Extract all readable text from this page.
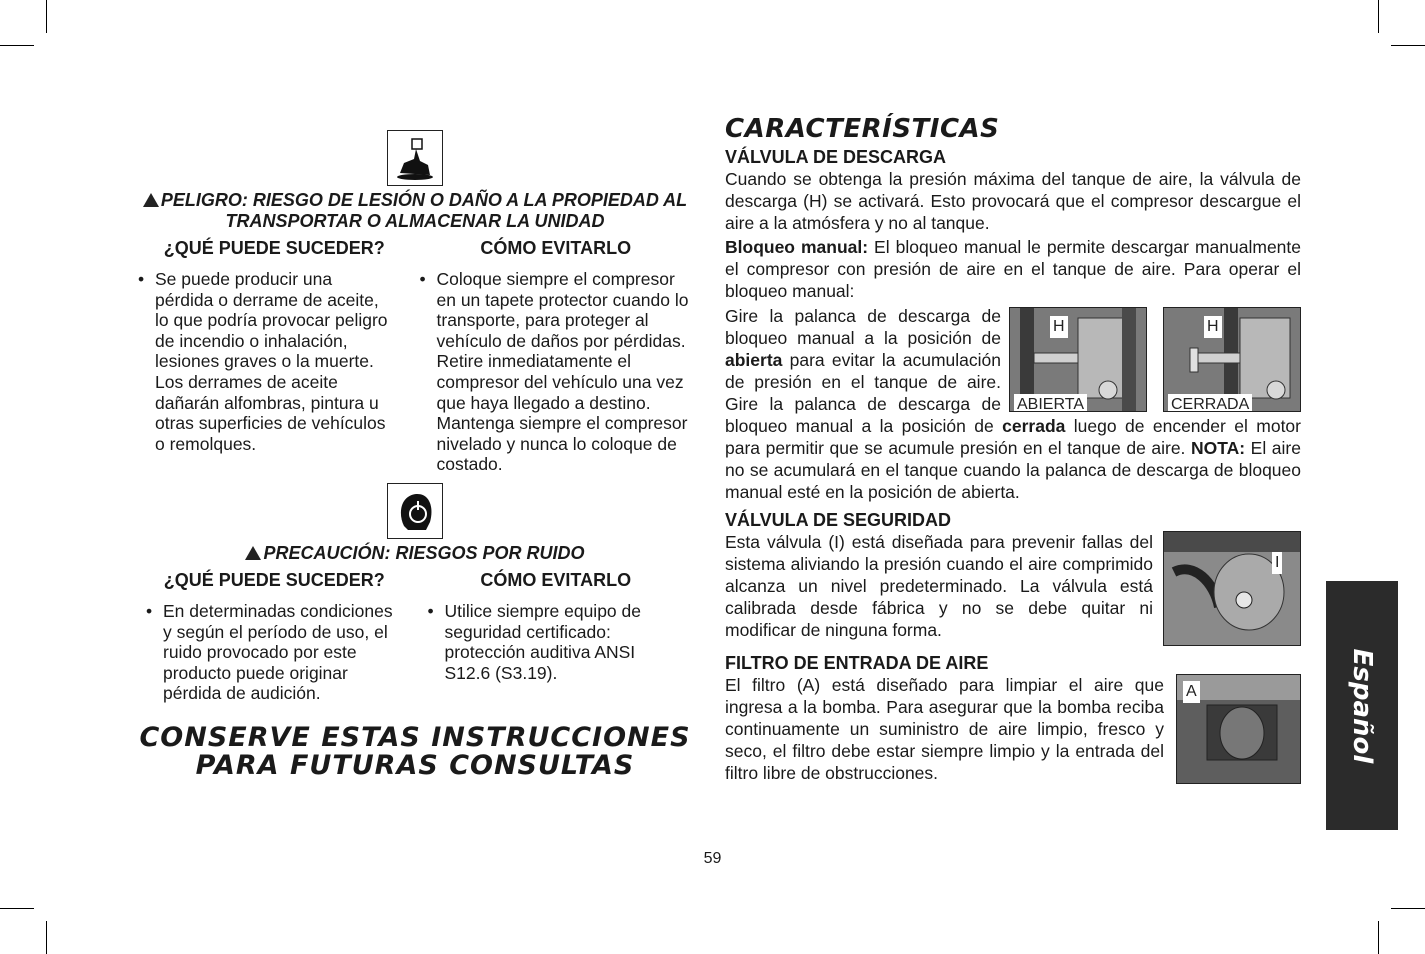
PELIGRO: RIESGO DE LESIÓN O DAÑO A LA PROPIEDAD AL
TRANSPORTAR O ALMACENAR LA UNIDAD
¿QUÉ PUEDE SUCEDER?
• Se puede producir una pérdida o derrame de aceite, lo que podría provocar peligro de incendio o inhalación, lesiones graves o la muerte. Los derrames de aceite dañarán alfombras, pintura u otras superficies de vehículos o remolques.
CÓMO EVITARLO
• Coloque siempre el compresor en un tapete protector cuando lo transporte, para proteger al vehículo de daños por pérdidas. Retire inmediatamente el compresor del vehículo una vez que haya llegado a destino. Mantenga siempre el compresor nivelado y nunca lo coloque de costado.
PRECAUCIÓN: RIESGOS POR RUIDO
¿QUÉ PUEDE SUCEDER?
• En determinadas condiciones y según el período de uso, el ruido provocado por este producto puede originar pérdida de audición.
CÓMO EVITARLO
• Utilice siempre equipo de seguridad certificado: protección auditiva ANSI S12.6 (S3.19).
CONSERVE ESTAS INSTRUCCIONES
PARA FUTURAS CONSULTAS
CARACTERÍSTICAS
VÁLVULA DE DESCARGA

Cuando se obtenga la presión máxima del tanque de aire, la válvula de descarga (H) se activará. Esto provocará que el compresor descargue el aire a la atmósfera y no al tanque.

Bloqueo manual: El bloqueo manual le permite descargar manualmente el compresor con presión de aire en el tanque de aire. Para operar el bloqueo manual:

H
ABIERTA
H
CERRADA

Gire la palanca de descarga de bloqueo manual a la posición de abierta para evitar la acumulación de presión en el tanque de aire. Gire la palanca de descarga de bloqueo manual a la posición de cerrada luego de encender el motor para permitir que se acumule presión en el tanque de aire. NOTA: El aire no se acumulará en el tanque cuando la palanca de descarga de bloqueo manual esté en la posición de abierta.

VÁLVULA DE SEGURIDAD
I

Esta válvula (I) está diseñada para prevenir fallas del sistema aliviando la presión cuando el aire comprimido alcanza un nivel predeterminado. La válvula está calibrada desde fábrica y no se debe quitar ni modificar de ninguna forma.

FILTRO DE ENTRADA DE AIRE
A

El filtro (A) está diseñado para limpiar el aire que ingresa a la bomba. Para asegurar que la bomba reciba continuamente un suministro de aire limpio, fresco y seco, el filtro debe estar siempre limpio y la entrada del filtro libre de obstrucciones.

Español
59
